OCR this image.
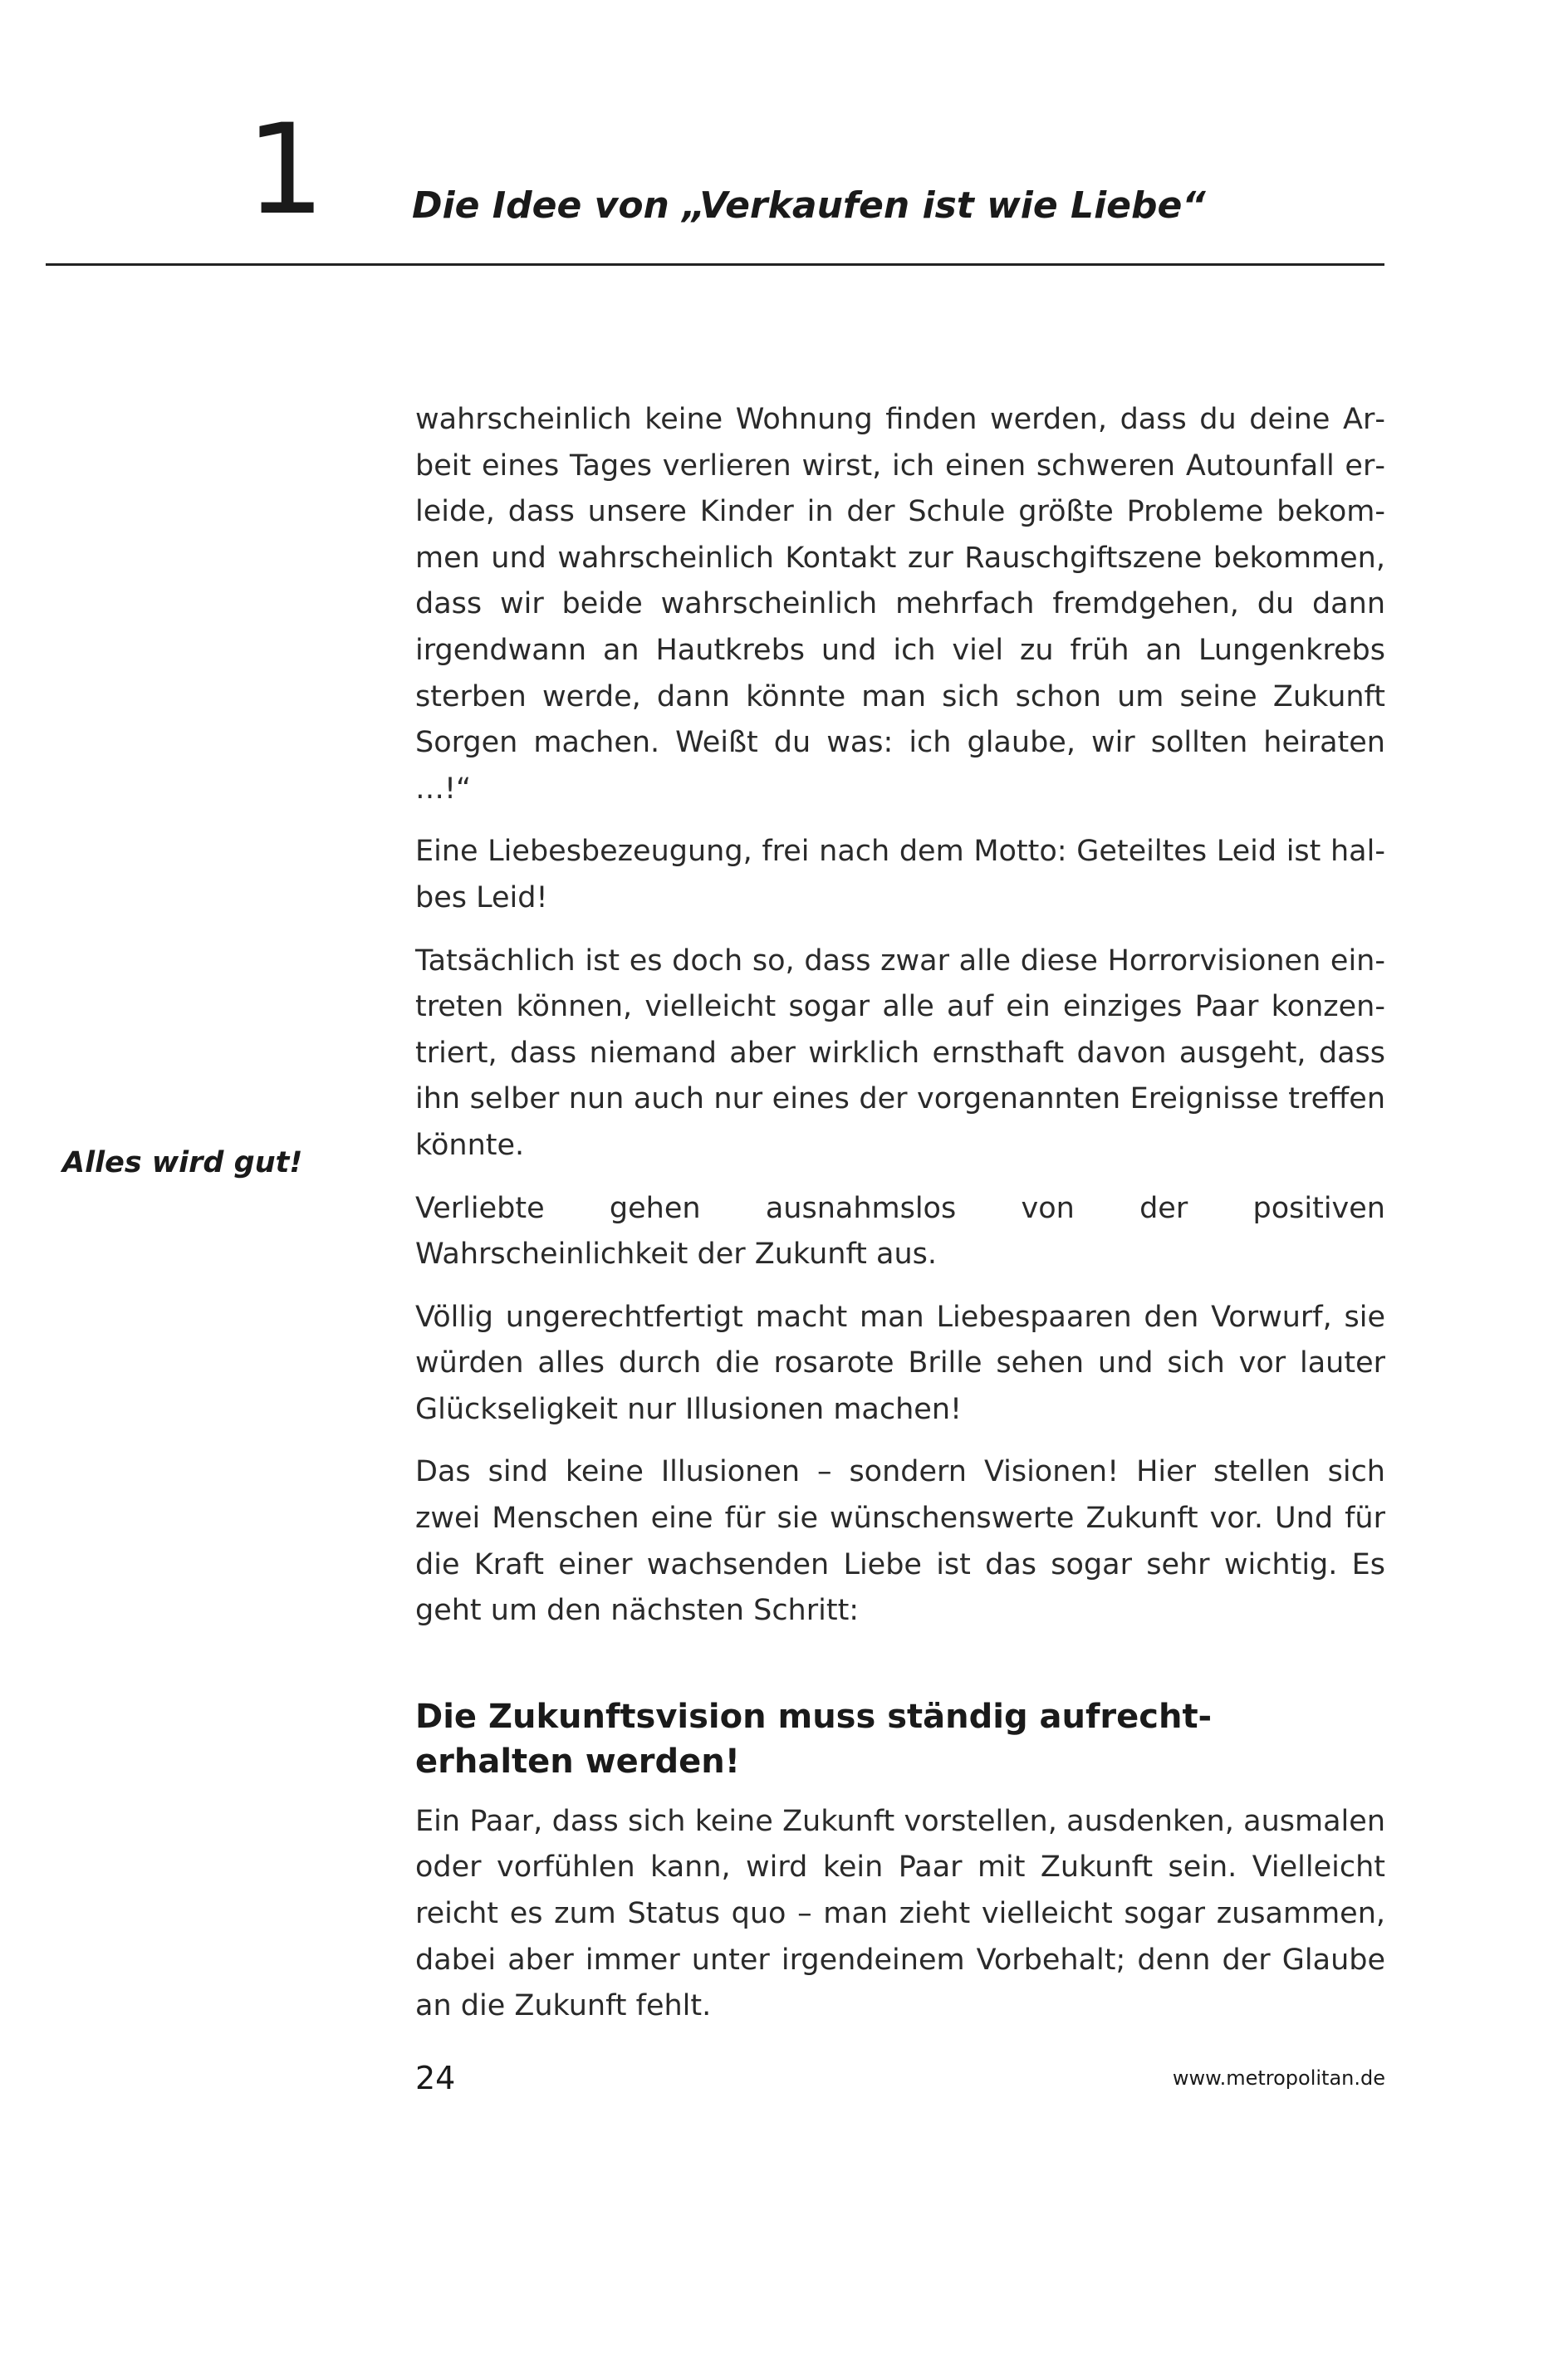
1 Die Idee von „Verkaufen ist wie Liebe“
Alles wird gut!

wahrscheinlich keine Wohnung finden werden, dass du deine Arbeit eines Tages verlieren wirst, ich einen schweren Autounfall erleide, dass unsere Kinder in der Schule größte Probleme bekommen und wahrscheinlich Kontakt zur Rauschgiftszene bekommen, dass wir beide wahrscheinlich mehrfach fremdgehen, du dann irgendwann an Hautkrebs und ich viel zu früh an Lungenkrebs sterben werde, dann könnte man sich schon um seine Zukunft Sorgen machen. Weißt du was: ich glaube, wir sollten heiraten …!“

Eine Liebesbezeugung, frei nach dem Motto: Geteiltes Leid ist halbes Leid!

Tatsächlich ist es doch so, dass zwar alle diese Horrorvisionen eintreten können, vielleicht sogar alle auf ein einziges Paar konzentriert, dass niemand aber wirklich ernsthaft davon ausgeht, dass ihn selber nun auch nur eines der vorgenannten Ereignisse treffen könnte.

Verliebte gehen ausnahmslos von der positiven Wahrscheinlichkeit der Zukunft aus.

Völlig ungerechtfertigt macht man Liebespaaren den Vorwurf, sie würden alles durch die rosarote Brille sehen und sich vor lauter Glückseligkeit nur Illusionen machen!

Das sind keine Illusionen – sondern Visionen! Hier stellen sich zwei Menschen eine für sie wünschenswerte Zukunft vor. Und für die Kraft einer wachsenden Liebe ist das sogar sehr wichtig. Es geht um den nächsten Schritt:

Die Zukunftsvision muss ständig aufrecht-
erhalten werden!

Ein Paar, dass sich keine Zukunft vorstellen, ausdenken, ausmalen oder vorfühlen kann, wird kein Paar mit Zukunft sein. Vielleicht reicht es zum Status quo – man zieht vielleicht sogar zusammen, dabei aber immer unter irgendeinem Vorbehalt; denn der Glaube an die Zukunft fehlt.

24	www.metropolitan.de
